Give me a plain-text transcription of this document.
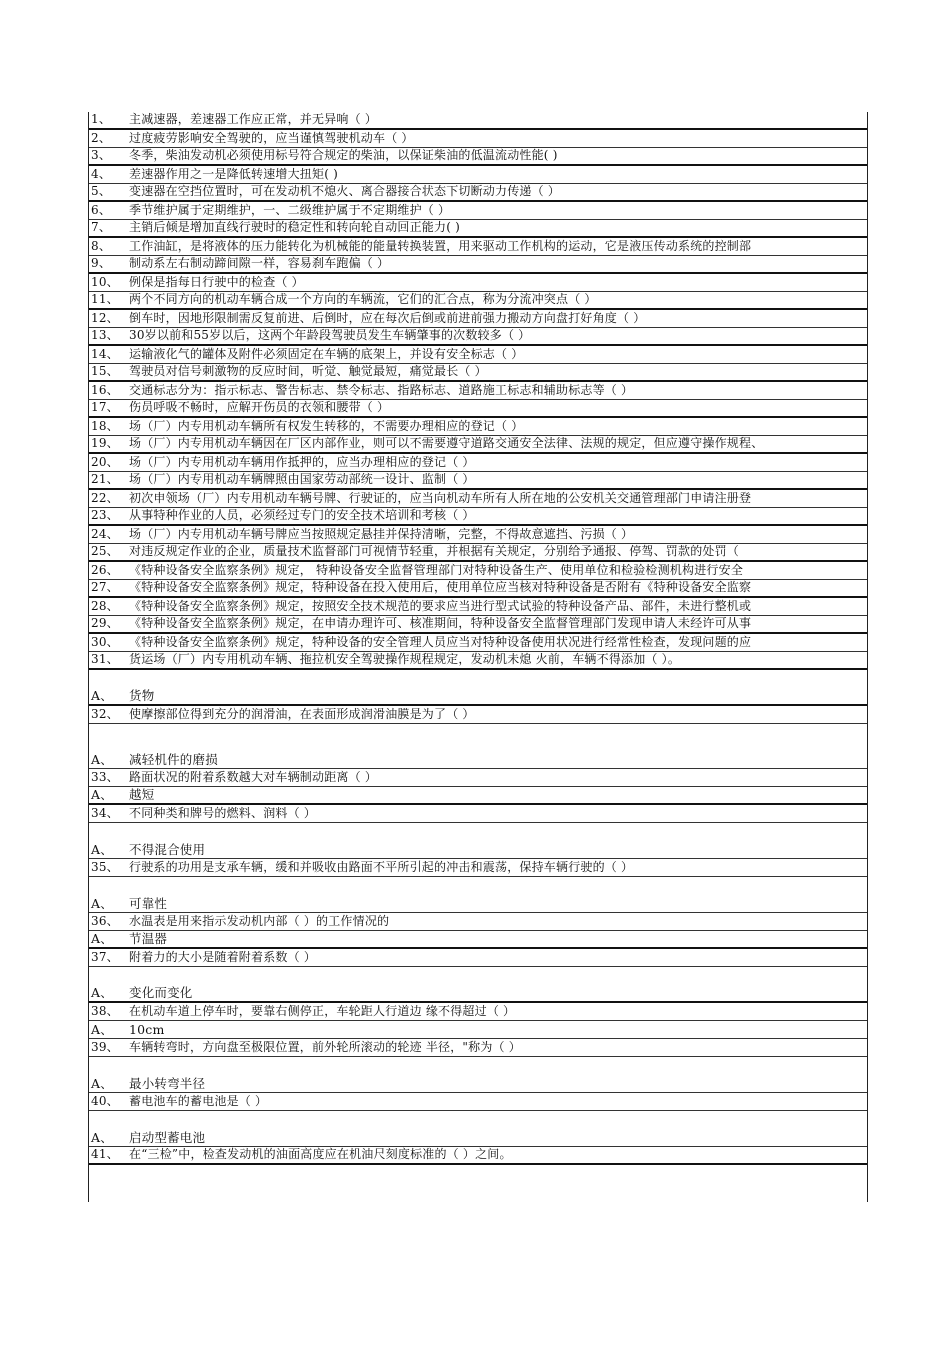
1、 主减速器，差速器工作应正常，并无异响（ ）
2、 过度疲劳影响安全驾驶的，应当谨慎驾驶机动车（ ）
3、 冬季，柴油发动机必须使用标号符合规定的柴油，以保证柴油的低温流动性能( )
4、 差速器作用之一是降低转速增大扭矩( )
5、 变速器在空挡位置时，可在发动机不熄火、离合器接合状态下切断动力传递（ ）
6、 季节维护属于定期维护，一、二级维护属于不定期维护（ ）
7、 主销后倾是增加直线行驶时的稳定性和转向轮自动回正能力( )
8、 工作油缸，是将液体的压力能转化为机械能的能量转换装置，用来驱动工作机构的运动，它是液压传动系统的控制部
9、 制动系左右制动蹄间隙一样，容易刹车跑偏（ ）
10、 例保是指每日行驶中的检查（ ）
11、 两个不同方向的机动车辆合成一个方向的车辆流，它们的汇合点，称为分流冲突点（ ）
12、 倒车时，因地形限制需反复前进、后倒时，应在每次后倒或前进前强力搬动方向盘打好角度（ ）
13、 30岁以前和55岁以后，这两个年龄段驾驶员发生车辆肇事的次数较多（ ）
14、 运输液化气的罐体及附件必须固定在车辆的底架上，并设有安全标志（ ）
15、 驾驶员对信号刺激物的反应时间，听觉、触觉最短，痛觉最长（ ）
16、 交通标志分为：指示标志、警告标志、禁令标志、指路标志、道路施工标志和辅助标志等（ ）
17、 伤员呼吸不畅时，应解开伤员的衣领和腰带（ ）
18、 场（厂）内专用机动车辆所有权发生转移的，不需要办理相应的登记（ ）
19、 场（厂）内专用机动车辆因在厂区内部作业，则可以不需要遵守道路交通安全法律、法规的规定，但应遵守操作规程、
20、 场（厂）内专用机动车辆用作抵押的，应当办理相应的登记（ ）
21、 场（厂）内专用机动车辆牌照由国家劳动部统一设计、监制（ ）
22、 初次申领场（厂）内专用机动车辆号牌、行驶证的，应当向机动车所有人所在地的公安机关交通管理部门申请注册登
23、 从事特种作业的人员，必须经过专门的安全技术培训和考核（ ）
24、 场（厂）内专用机动车辆号牌应当按照规定悬挂并保持清晰，完整，不得故意遮挡、污损（ ）
25、 对违反规定作业的企业，质量技术监督部门可视情节轻重，并根据有关规定，分别给予通报、停驾、罚款的处罚（
26、 《特种设备安全监察条例》规定， 特种设备安全监督管理部门对特种设备生产、使用单位和检验检测机构进行安全
27、 《特种设备安全监察条例》规定，特种设备在投入使用后，使用单位应当核对特种设备是否附有《特种设备安全监察
28、 《特种设备安全监察条例》规定，按照安全技术规范的要求应当进行型式试验的特种设备产品、部件，未进行整机或
29、 《特种设备安全监察条例》规定，在申请办理许可、核准期间，特种设备安全监督管理部门发现申请人未经许可从事
30、 《特种设备安全监察条例》规定，特种设备的安全管理人员应当对特种设备使用状况进行经常性检查，发现问题的应
31、 货运场（厂）内专用机动车辆、拖拉机安全驾驶操作规程规定，发动机未熄 火前，车辆不得添加（ ）。
A、 货物
32、 使摩擦部位得到充分的润滑油，在表面形成润滑油膜是为了（ ）
A、 减轻机件的磨损
33、 路面状况的附着系数越大对车辆制动距离（ ）
A、 越短
34、 不同种类和牌号的燃料、润料（ ）
A、 不得混合使用
35、 行驶系的功用是支承车辆，缓和并吸收由路面不平所引起的冲击和震荡，保持车辆行驶的（ ）
A、 可靠性
36、 水温表是用来指示发动机内部（ ）的工作情况的
A、 节温器
37、 附着力的大小是随着附着系数（ ）
A、 变化而变化
38、 在机动车道上停车时，要靠右侧停正，车轮距人行道边 缘不得超过（ ）
A、 10cm
39、 车辆转弯时，方向盘至极限位置，前外轮所滚动的轮迹 半径，"称为（ ）
A、 最小转弯半径
40、 蓄电池车的蓄电池是（ ）
A、 启动型蓄电池
41、 在“三检”中，检查发动机的油面高度应在机油尺刻度标准的（ ）之间。
